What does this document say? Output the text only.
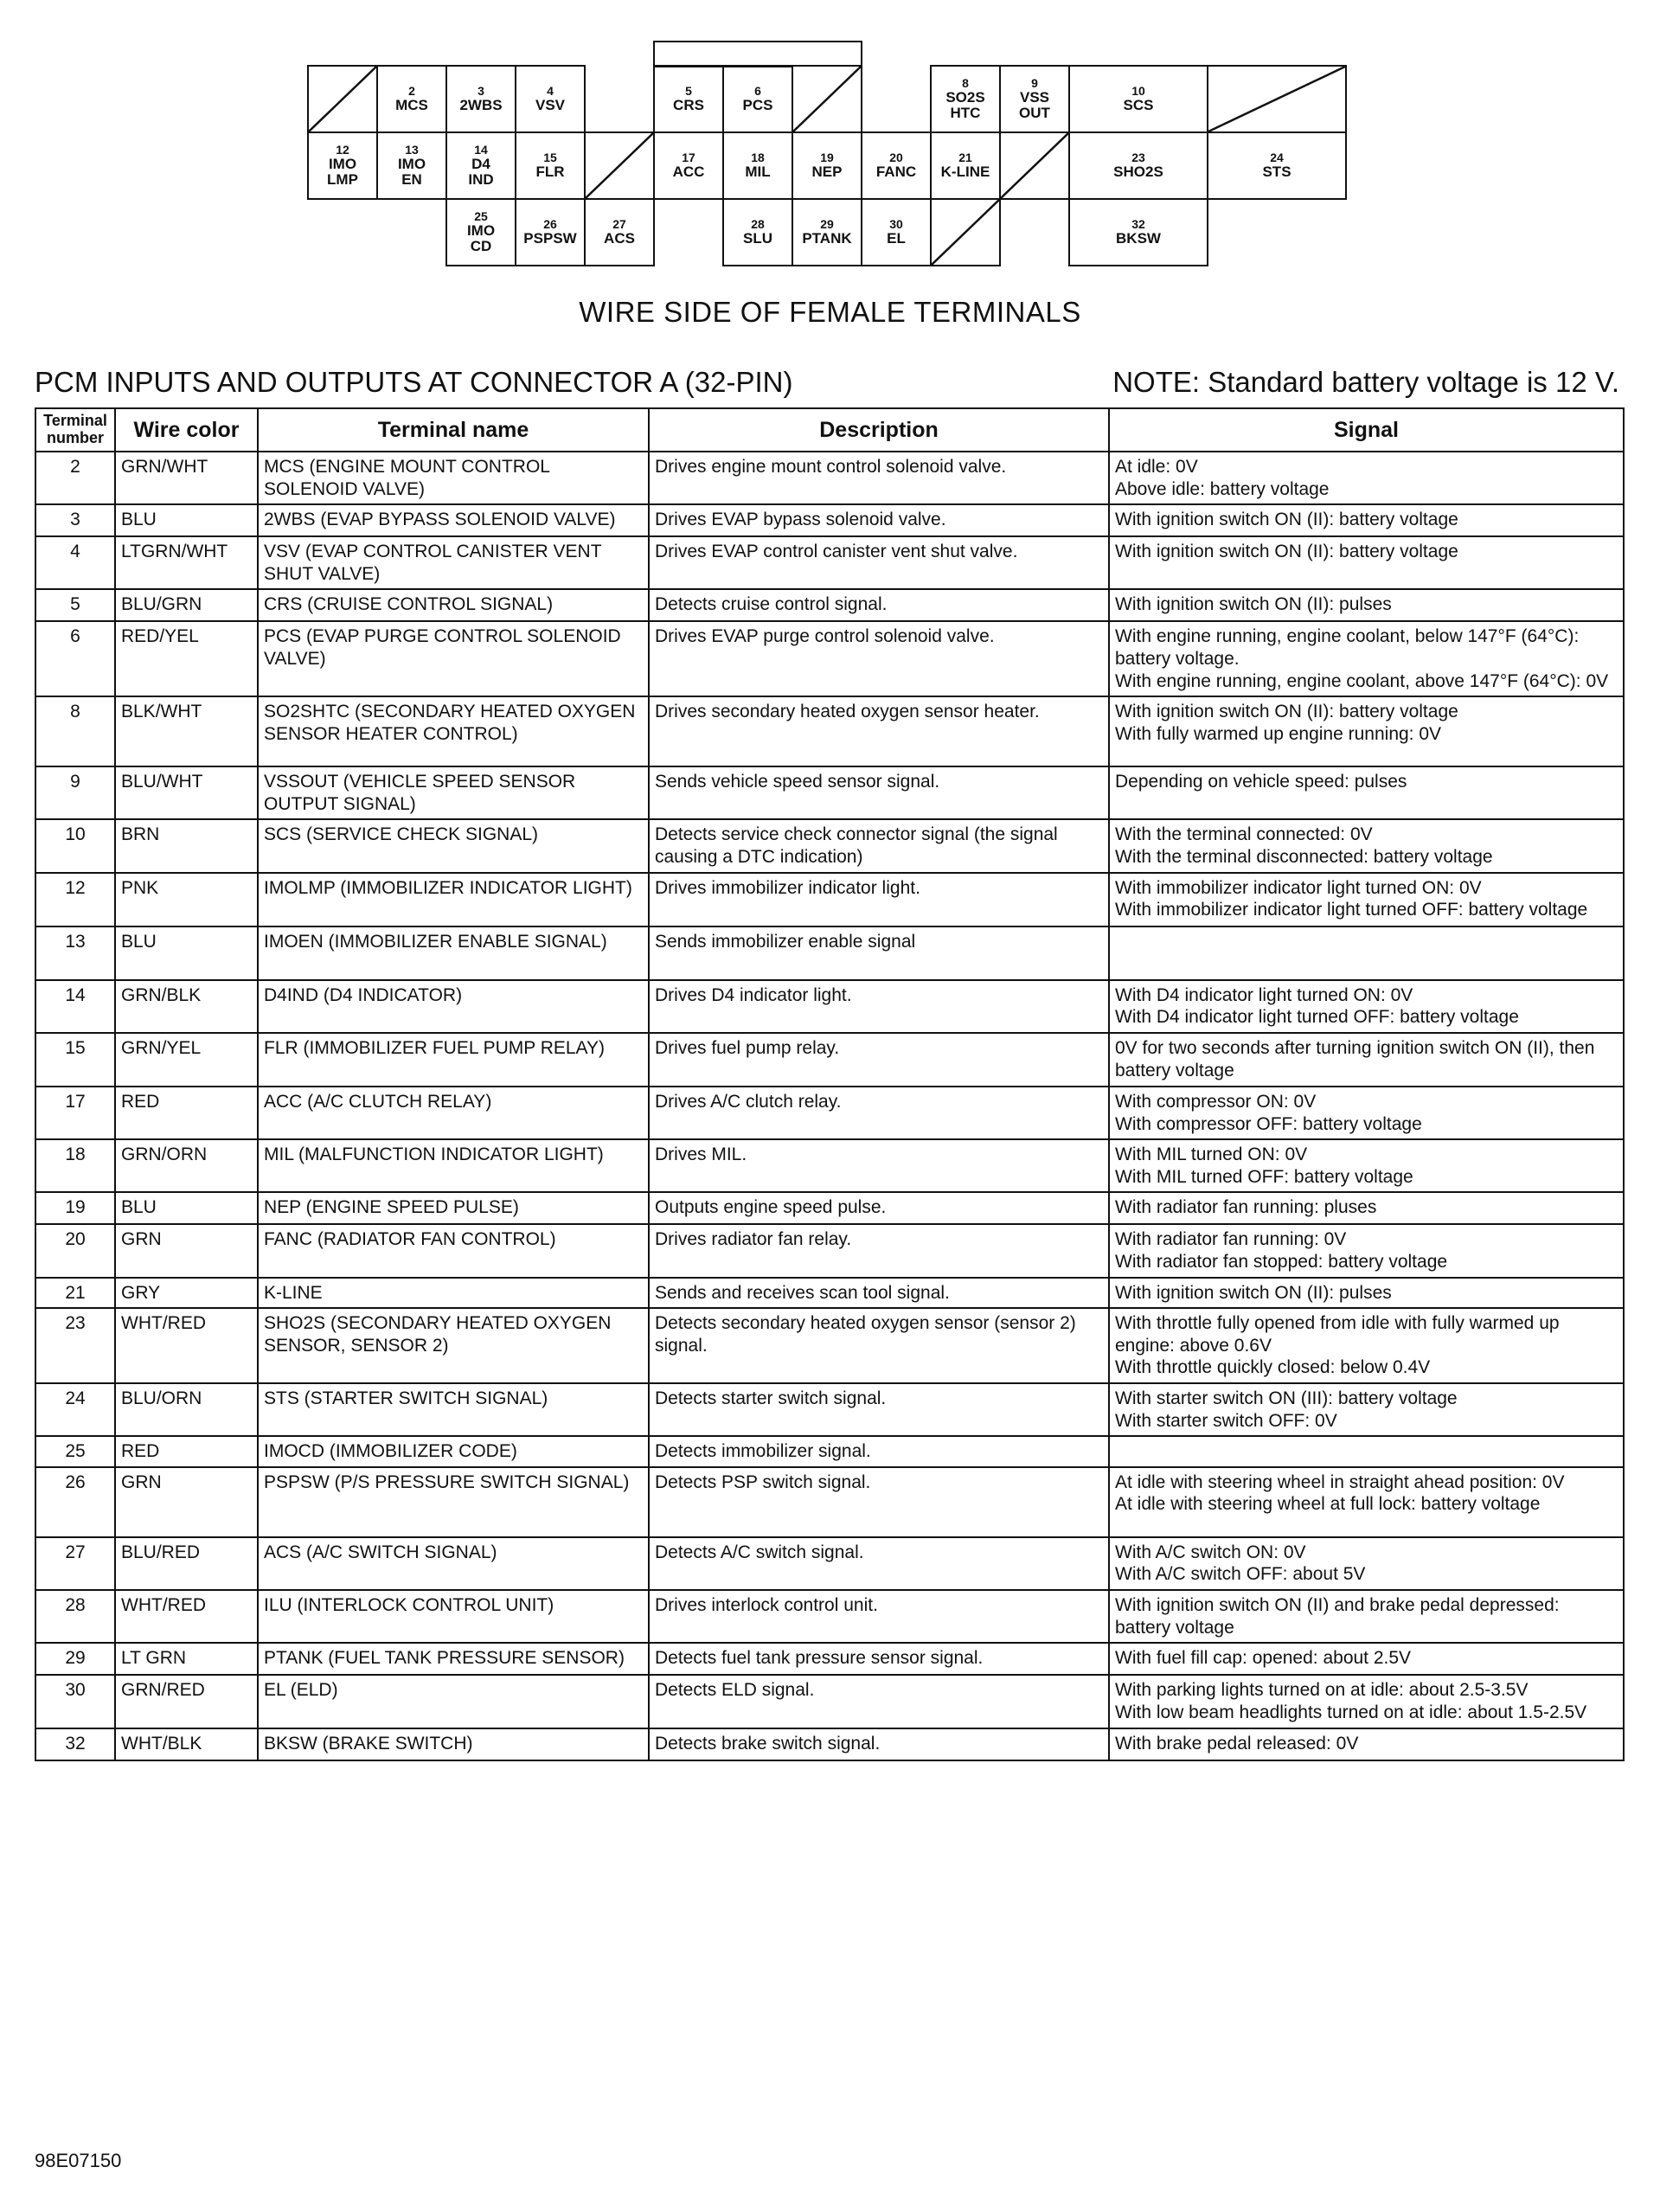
2
MCS
3
2WBS
4
VSV
5
CRS
6
PCS
8
SO2S
HTC
9
VSS
OUT
10
SCS
12
IMO
LMP
13
IMO
EN
14
D4
IND
15
FLR
17
ACC
18
MIL
19
NEP
20
FANC
21
K-LINE
23
SHO2S
24
STS
25
IMO
CD
26
PSPSW
27
ACS
28
SLU
29
PTANK
30
EL
32
BKSW
WIRE SIDE OF FEMALE TERMINALS
PCM INPUTS AND OUTPUTS AT CONNECTOR A (32-PIN)	NOTE: Standard battery voltage is 12 V.
Terminal number	Wire color	Terminal name	Description	Signal
2	GRN/WHT	MCS (ENGINE MOUNT CONTROL SOLENOID VALVE)	Drives engine mount control solenoid valve.	At idle: 0V
Above idle: battery voltage

3	BLU	2WBS (EVAP BYPASS SOLENOID VALVE)	Drives EVAP bypass solenoid valve.	With ignition switch ON (II): battery voltage

4	LTGRN/WHT	VSV (EVAP CONTROL CANISTER VENT SHUT VALVE)	Drives EVAP control canister vent shut valve.	With ignition switch ON (II): battery voltage

5	BLU/GRN	CRS (CRUISE CONTROL SIGNAL)	Detects cruise control signal.	With ignition switch ON (II): pulses

6	RED/YEL	PCS (EVAP PURGE CONTROL SOLENOID VALVE)	Drives EVAP purge control solenoid valve.	With engine running, engine coolant, below 147°F (64°C): battery voltage.
With engine running, engine coolant, above 147°F (64°C): 0V

8	BLK/WHT	SO2SHTC (SECONDARY HEATED OXYGEN SENSOR HEATER CONTROL)	Drives secondary heated oxygen sensor heater.	With ignition switch ON (II): battery voltage
With fully warmed up engine running: 0V

9	BLU/WHT	VSSOUT (VEHICLE SPEED SENSOR OUTPUT SIGNAL)	Sends vehicle speed sensor signal.	Depending on vehicle speed: pulses

10	BRN	SCS (SERVICE CHECK SIGNAL)	Detects service check connector signal (the signal causing a DTC indication)	With the terminal connected: 0V
With the terminal disconnected: battery voltage

12	PNK	IMOLMP (IMMOBILIZER INDICATOR LIGHT)	Drives immobilizer indicator light.	With immobilizer indicator light turned ON: 0V
With immobilizer indicator light turned OFF: battery voltage

13	BLU	IMOEN (IMMOBILIZER ENABLE SIGNAL)	Sends immobilizer enable signal	
14	GRN/BLK	D4IND (D4 INDICATOR)	Drives D4 indicator light.	With D4 indicator light turned ON: 0V
With D4 indicator light turned OFF: battery voltage

15	GRN/YEL	FLR (IMMOBILIZER FUEL PUMP RELAY)	Drives fuel pump relay.	0V for two seconds after turning ignition switch ON (II), then battery voltage

17	RED	ACC (A/C CLUTCH RELAY)	Drives A/C clutch relay.	With compressor ON: 0V
With compressor OFF: battery voltage

18	GRN/ORN	MIL (MALFUNCTION INDICATOR LIGHT)	Drives MIL.	With MIL turned ON: 0V
With MIL turned OFF: battery voltage

19	BLU	NEP (ENGINE SPEED PULSE)	Outputs engine speed pulse.	With radiator fan running: pluses

20	GRN	FANC (RADIATOR FAN CONTROL)	Drives radiator fan relay.	With radiator fan running: 0V
With radiator fan stopped: battery voltage

21	GRY	K-LINE	Sends and receives scan tool signal.	With ignition switch ON (II): pulses

23	WHT/RED	SHO2S (SECONDARY HEATED OXYGEN SENSOR, SENSOR 2)	Detects secondary heated oxygen sensor (sensor 2) signal.	With throttle fully opened from idle with fully warmed up engine: above 0.6V
With throttle quickly closed: below 0.4V

24	BLU/ORN	STS (STARTER SWITCH SIGNAL)	Detects starter switch signal.	With starter switch ON (III): battery voltage
With starter switch OFF: 0V

25	RED	IMOCD (IMMOBILIZER CODE)	Detects immobilizer signal.	
26	GRN	PSPSW (P/S PRESSURE SWITCH SIGNAL)	Detects PSP switch signal.	At idle with steering wheel in straight ahead position: 0V
At idle with steering wheel at full lock: battery voltage

27	BLU/RED	ACS (A/C SWITCH SIGNAL)	Detects A/C switch signal.	With A/C switch ON: 0V
With A/C switch OFF: about 5V

28	WHT/RED	ILU (INTERLOCK CONTROL UNIT)	Drives interlock control unit.	With ignition switch ON (II) and brake pedal depressed: battery voltage

29	LT GRN	PTANK (FUEL TANK PRESSURE SENSOR)	Detects fuel tank pressure sensor signal.	With fuel fill cap: opened: about 2.5V

30	GRN/RED	EL (ELD)	Detects ELD signal.	With parking lights turned on at idle: about 2.5-3.5V
With low beam headlights turned on at idle: about 1.5-2.5V

32	WHT/BLK	BKSW (BRAKE SWITCH)	Detects brake switch signal.	With brake pedal released: 0V
98E07150
